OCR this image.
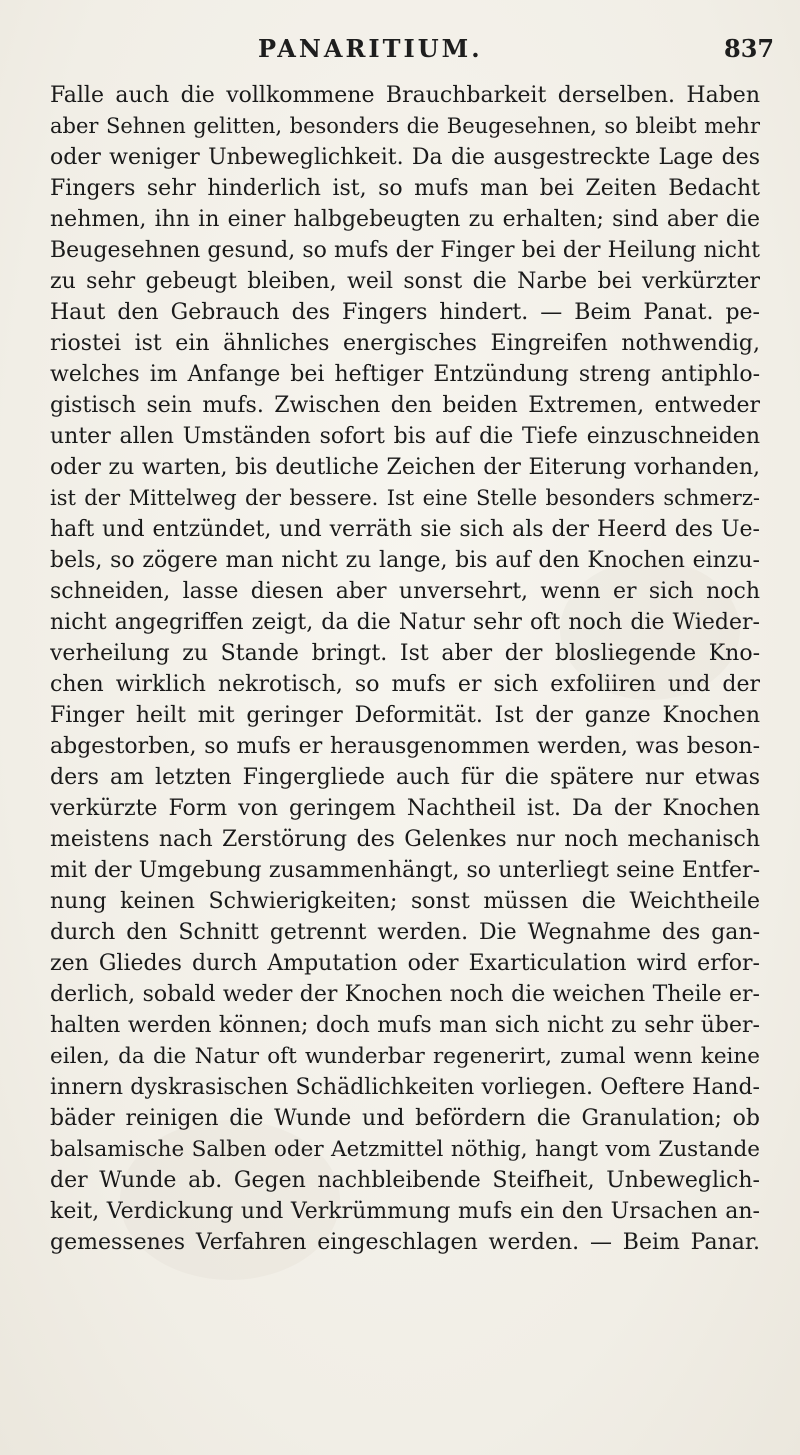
PANARITIUM.	837
Falle auch die vollkommene Brauchbarkeit derselben. Haben
aber Sehnen gelitten, besonders die Beugesehnen, so bleibt mehr
oder weniger Unbeweglichkeit. Da die ausgestreckte Lage des
Fingers sehr hinderlich ist, so mufs man bei Zeiten Bedacht
nehmen, ihn in einer halbgebeugten zu erhalten; sind aber die
Beugesehnen gesund, so mufs der Finger bei der Heilung nicht
zu sehr gebeugt bleiben, weil sonst die Narbe bei verkürzter
Haut den Gebrauch des Fingers hindert. — Beim Panat. pe-
riostei ist ein ähnliches energisches Eingreifen nothwendig,
welches im Anfange bei heftiger Entzündung streng antiphlo-
gistisch sein mufs. Zwischen den beiden Extremen, entweder
unter allen Umständen sofort bis auf die Tiefe einzuschneiden
oder zu warten, bis deutliche Zeichen der Eiterung vorhanden,
ist der Mittelweg der bessere. Ist eine Stelle besonders schmerz-
haft und entzündet, und verräth sie sich als der Heerd des Ue-
bels, so zögere man nicht zu lange, bis auf den Knochen einzu-
schneiden, lasse diesen aber unversehrt, wenn er sich noch
nicht angegriffen zeigt, da die Natur sehr oft noch die Wieder-
verheilung zu Stande bringt. Ist aber der blosliegende Kno-
chen wirklich nekrotisch, so mufs er sich exfoliiren und der
Finger heilt mit geringer Deformität. Ist der ganze Knochen
abgestorben, so mufs er herausgenommen werden, was beson-
ders am letzten Fingergliede auch für die spätere nur etwas
verkürzte Form von geringem Nachtheil ist. Da der Knochen
meistens nach Zerstörung des Gelenkes nur noch mechanisch
mit der Umgebung zusammenhängt, so unterliegt seine Entfer-
nung keinen Schwierigkeiten; sonst müssen die Weichtheile
durch den Schnitt getrennt werden. Die Wegnahme des gan-
zen Gliedes durch Amputation oder Exarticulation wird erfor-
derlich, sobald weder der Knochen noch die weichen Theile er-
halten werden können; doch mufs man sich nicht zu sehr über-
eilen, da die Natur oft wunderbar regenerirt, zumal wenn keine
innern dyskrasischen Schädlichkeiten vorliegen. Oeftere Hand-
bäder reinigen die Wunde und befördern die Granulation; ob
balsamische Salben oder Aetzmittel nöthig, hangt vom Zustande
der Wunde ab. Gegen nachbleibende Steifheit, Unbeweglich-
keit, Verdickung und Verkrümmung mufs ein den Ursachen an-
gemessenes Verfahren eingeschlagen werden. — Beim Panar.
